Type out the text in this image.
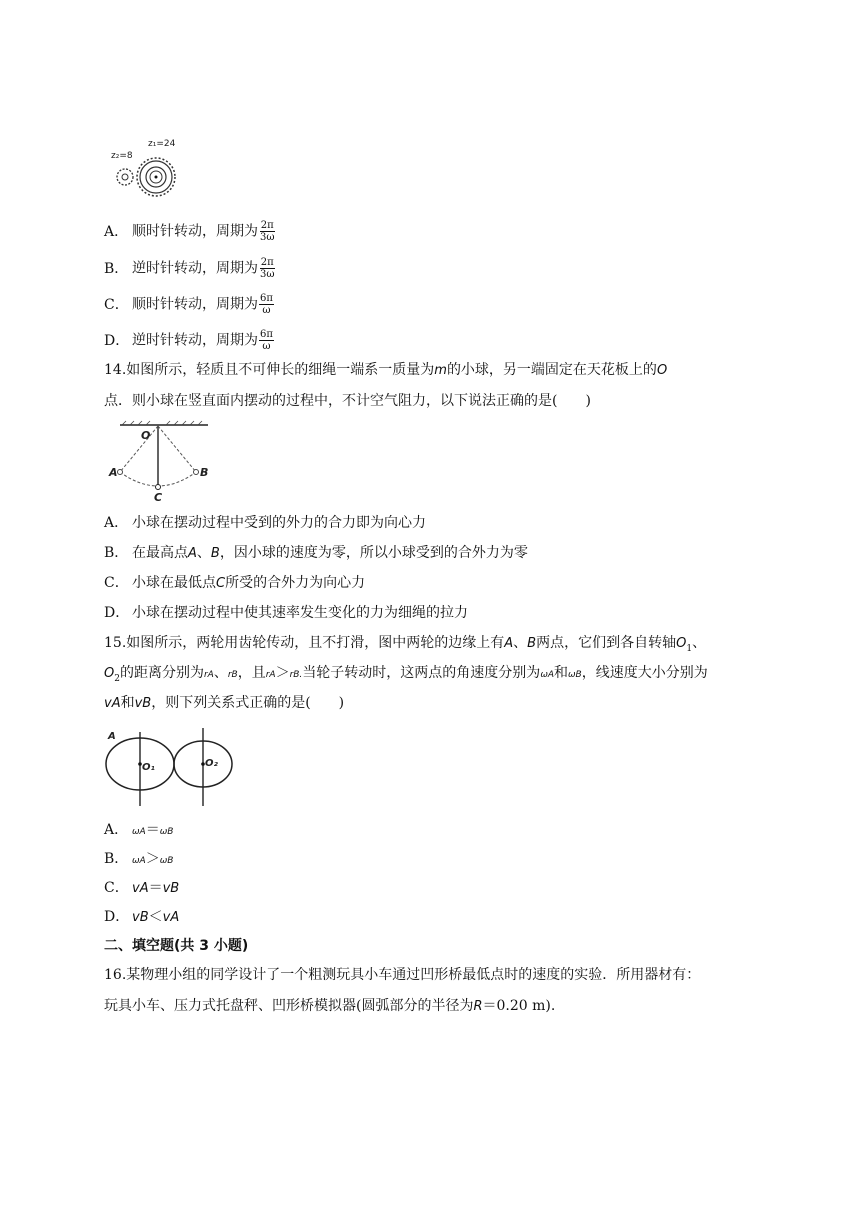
z₂=8
z₁=24
A． 顺时针转动，周期为 $\frac{2\pi}{3\omega}$
B． 逆时针转动，周期为 $\frac{2\pi}{3\omega}$
C． 顺时针转动，周期为 $\frac{6\pi}{\omega}$
D． 逆时针转动，周期为 $\frac{6\pi}{\omega}$
14.如图所示，轻质且不可伸长的细绳一端系一质量为m的小球，另一端固定在天花板上的O
点．则小球在竖直面内摆动的过程中，不计空气阻力，以下说法正确的是(　　)
O
A	B
C
A． 小球在摆动过程中受到的外力的合力即为向心力
B． 在最高点A、B，因小球的速度为零，所以小球受到的合外力为零
C． 小球在最低点C所受的合外力为向心力
D． 小球在摆动过程中使其速率发生变化的力为细绳的拉力
15.如图所示，两轮用齿轮传动，且不打滑，图中两轮的边缘上有A、B两点，它们到各自转轴$O_1$、
$O_2$的距离分别为rA、rB，且rA＞rB.当轮子转动时，这两点的角速度分别为ωA和ωB，线速度大小分别为
vA和vB，则下列关系式正确的是(　　)
A
O₁	O₂
A． ωA＝ωB
B． ωA＞ωB
C． vA＝vB
D． vB＜vA
二、填空题(共 3 小题)
16.某物理小组的同学设计了一个粗测玩具小车通过凹形桥最低点时的速度的实验．所用器材有：
玩具小车、压力式托盘秤、凹形桥模拟器(圆弧部分的半径为R＝0.20 m).
